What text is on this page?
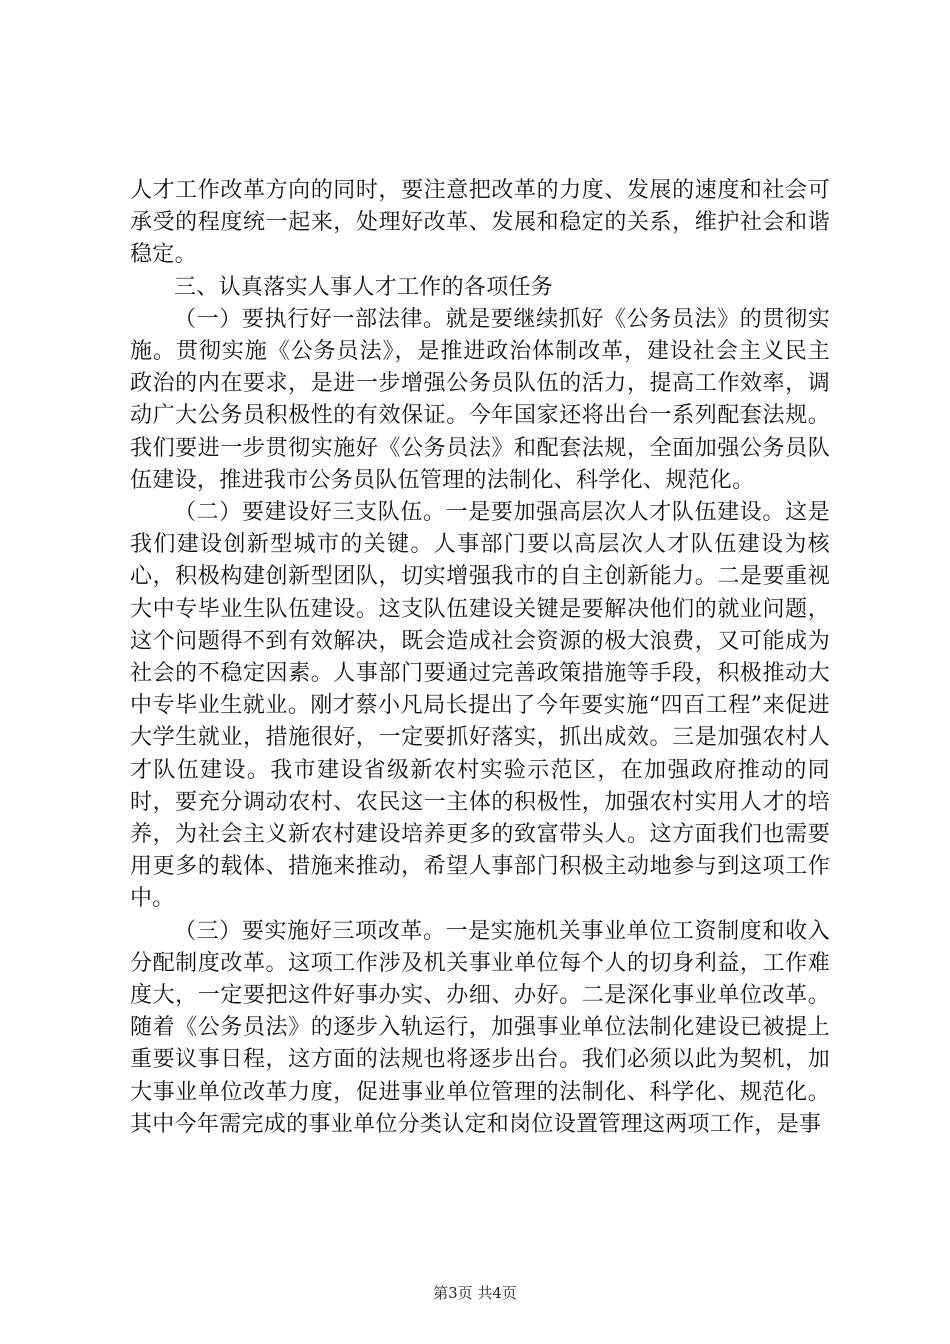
人才工作改革方向的同时，要注意把改革的力度、发展的速度和社会可承受的程度统一起来，处理好改革、发展和稳定的关系，维护社会和谐稳定。

三、认真落实人事人才工作的各项任务

（一）要执行好一部法律。就是要继续抓好《公务员法》的贯彻实施。贯彻实施《公务员法》，是推进政治体制改革，建设社会主义民主政治的内在要求，是进一步增强公务员队伍的活力，提高工作效率，调动广大公务员积极性的有效保证。今年国家还将出台一系列配套法规。我们要进一步贯彻实施好《公务员法》和配套法规，全面加强公务员队伍建设，推进我市公务员队伍管理的法制化、科学化、规范化。

（二）要建设好三支队伍。一是要加强高层次人才队伍建设。这是我们建设创新型城市的关键。人事部门要以高层次人才队伍建设为核心，积极构建创新型团队，切实增强我市的自主创新能力。二是要重视大中专毕业生队伍建设。这支队伍建设关键是要解决他们的就业问题，这个问题得不到有效解决，既会造成社会资源的极大浪费，又可能成为社会的不稳定因素。人事部门要通过完善政策措施等手段，积极推动大中专毕业生就业。刚才蔡小凡局长提出了今年要实施“四百工程”来促进大学生就业，措施很好，一定要抓好落实，抓出成效。三是加强农村人才队伍建设。我市建设省级新农村实验示范区，在加强政府推动的同时，要充分调动农村、农民这一主体的积极性，加强农村实用人才的培养，为社会主义新农村建设培养更多的致富带头人。这方面我们也需要用更多的载体、措施来推动，希望人事部门积极主动地参与到这项工作中。

（三）要实施好三项改革。一是实施机关事业单位工资制度和收入分配制度改革。这项工作涉及机关事业单位每个人的切身利益，工作难度大，一定要把这件好事办实、办细、办好。二是深化事业单位改革。随着《公务员法》的逐步入轨运行，加强事业单位法制化建设已被提上重要议事日程，这方面的法规也将逐步出台。我们必须以此为契机，加大事业单位改革力度，促进事业单位管理的法制化、科学化、规范化。其中今年需完成的事业单位分类认定和岗位设置管理这两项工作，是事

第3页 共4页
